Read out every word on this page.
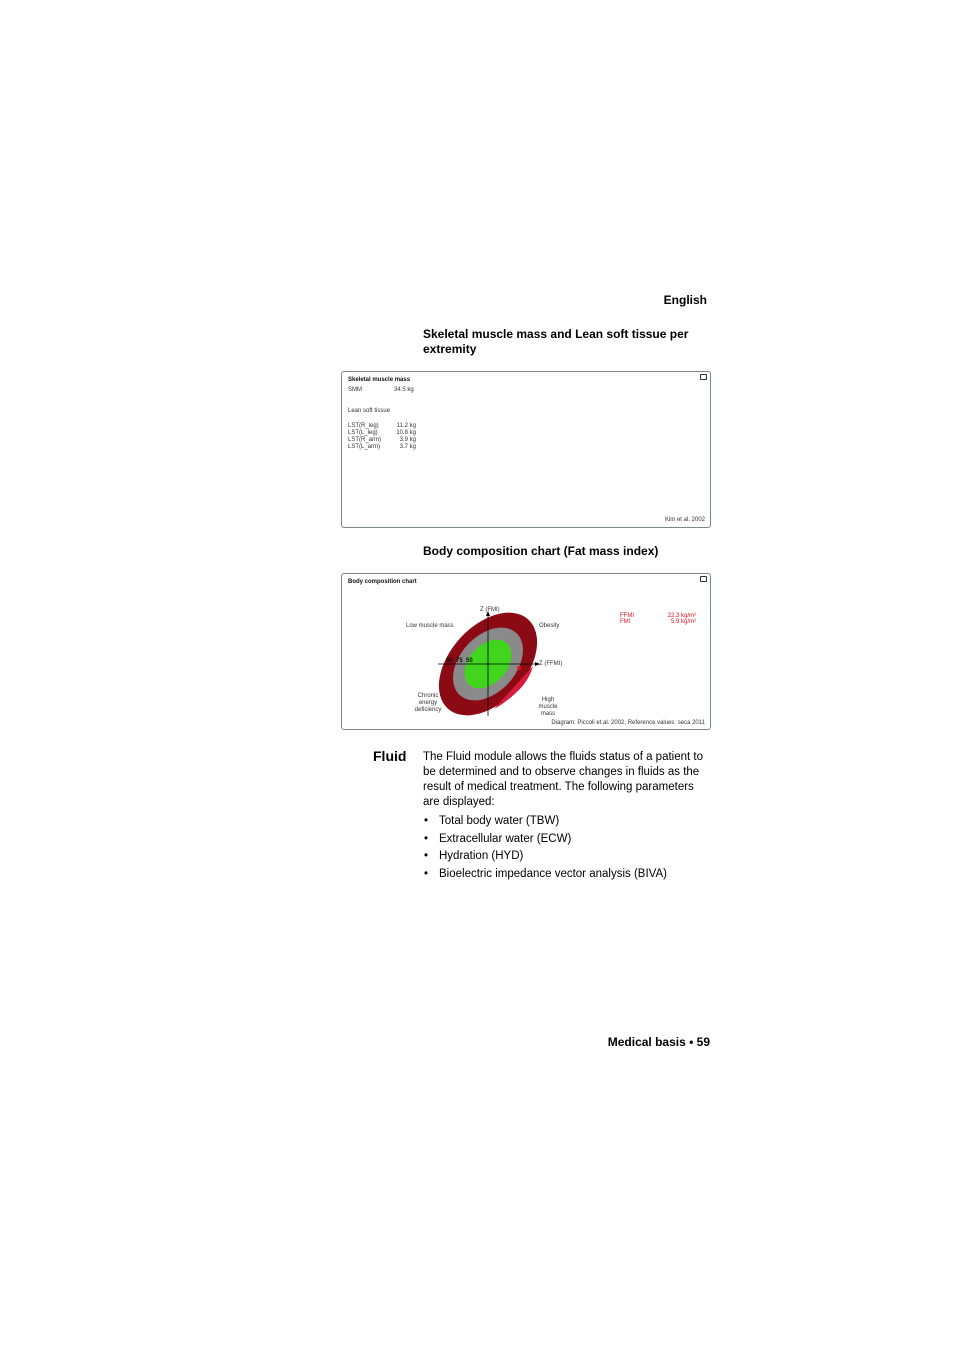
English
Skeletal muscle mass and Lean soft tissue per extremity
Skeletal muscle mass
SMM	34.5 kg
Lean soft tissue
LST(R_leg)	11.2 kg
LST(L_leg)	10.8 kg
LST(R_arm)	3.9 kg
LST(L_arm)	3.7 kg
Kim et al. 2002
Body composition chart (Fat mass index)
Body composition chart
Z (FMI)
Z (FFMI)
Low muscle mass	Obesity
Chronic energy deficiency
High muscle mass
95 75 50
FFMI	22.3 kg/m²
FMI	5.9 kg/m²
Diagram: Piccoli et al. 2002, Reference values: seca 2011
Fluid The Fluid module allows the fluids status of a patient to be determined and to observe changes in fluids as the result of medical treatment. The following parameters are displayed:
• Total body water (TBW)
• Extracellular water (ECW)
• Hydration (HYD)
• Bioelectric impedance vector analysis (BIVA)
Medical basis • 59
